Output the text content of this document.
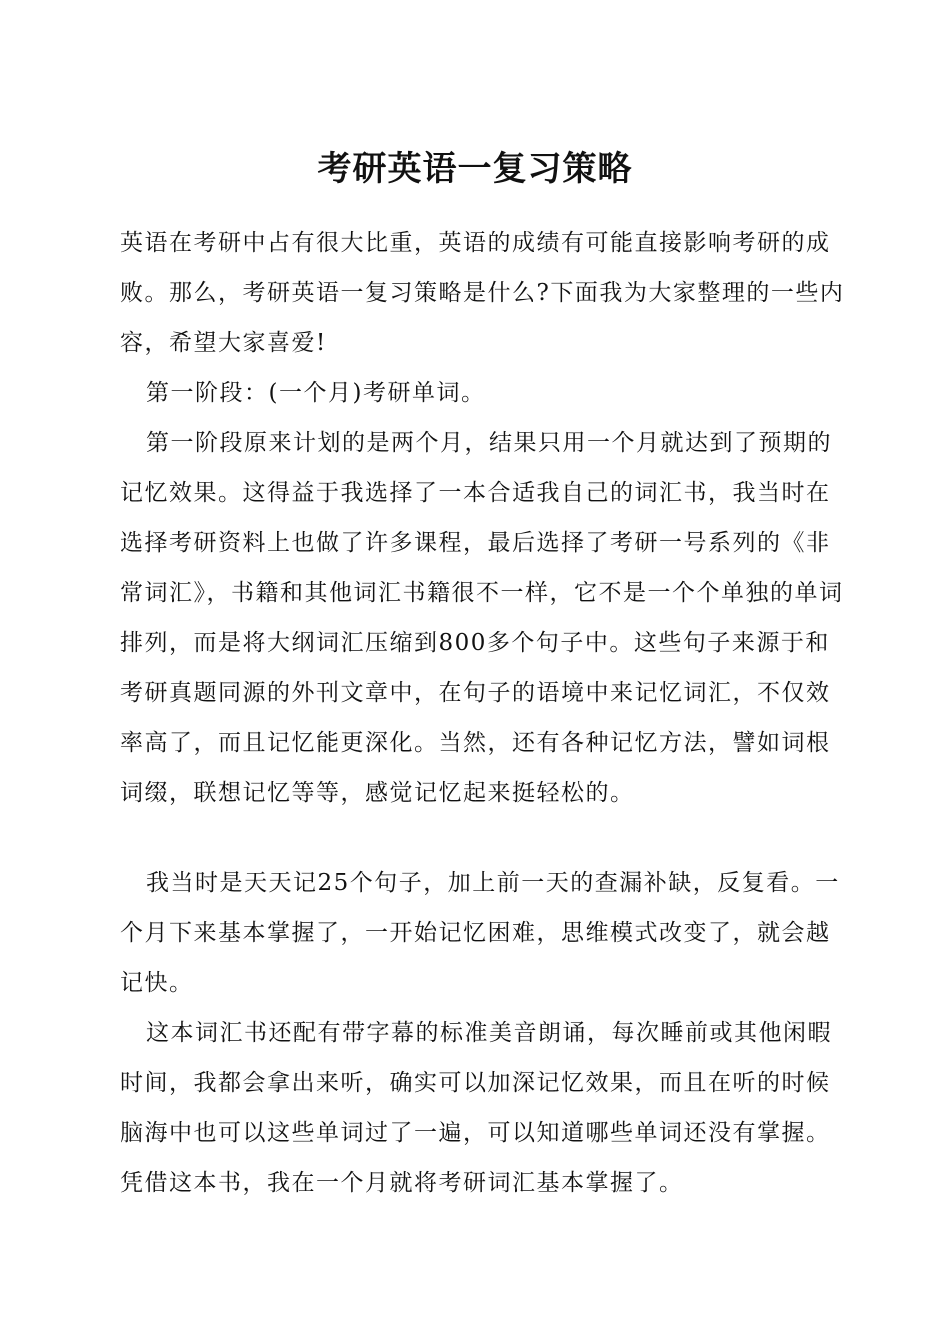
考研英语一复习策略

英语在考研中占有很大比重，英语的成绩有可能直接影响考研的成败。那么，考研英语一复习策略是什么?下面我为大家整理的一些内容，希望大家喜爱!

第一阶段：(一个月)考研单词。

第一阶段原来计划的是两个月，结果只用一个月就达到了预期的记忆效果。这得益于我选择了一本合适我自己的词汇书，我当时在选择考研资料上也做了许多课程，最后选择了考研一号系列的《非常词汇》，书籍和其他词汇书籍很不一样，它不是一个个单独的单词排列，而是将大纲词汇压缩到800多个句子中。这些句子来源于和考研真题同源的外刊文章中，在句子的语境中来记忆词汇，不仅效率高了，而且记忆能更深化。当然，还有各种记忆方法，譬如词根词缀，联想记忆等等，感觉记忆起来挺轻松的。

我当时是天天记25个句子，加上前一天的查漏补缺，反复看。一个月下来基本掌握了，一开始记忆困难，思维模式改变了，就会越记快。

这本词汇书还配有带字幕的标准美音朗诵，每次睡前或其他闲暇时间，我都会拿出来听，确实可以加深记忆效果，而且在听的时候脑海中也可以这些单词过了一遍，可以知道哪些单词还没有掌握。凭借这本书，我在一个月就将考研词汇基本掌握了。
